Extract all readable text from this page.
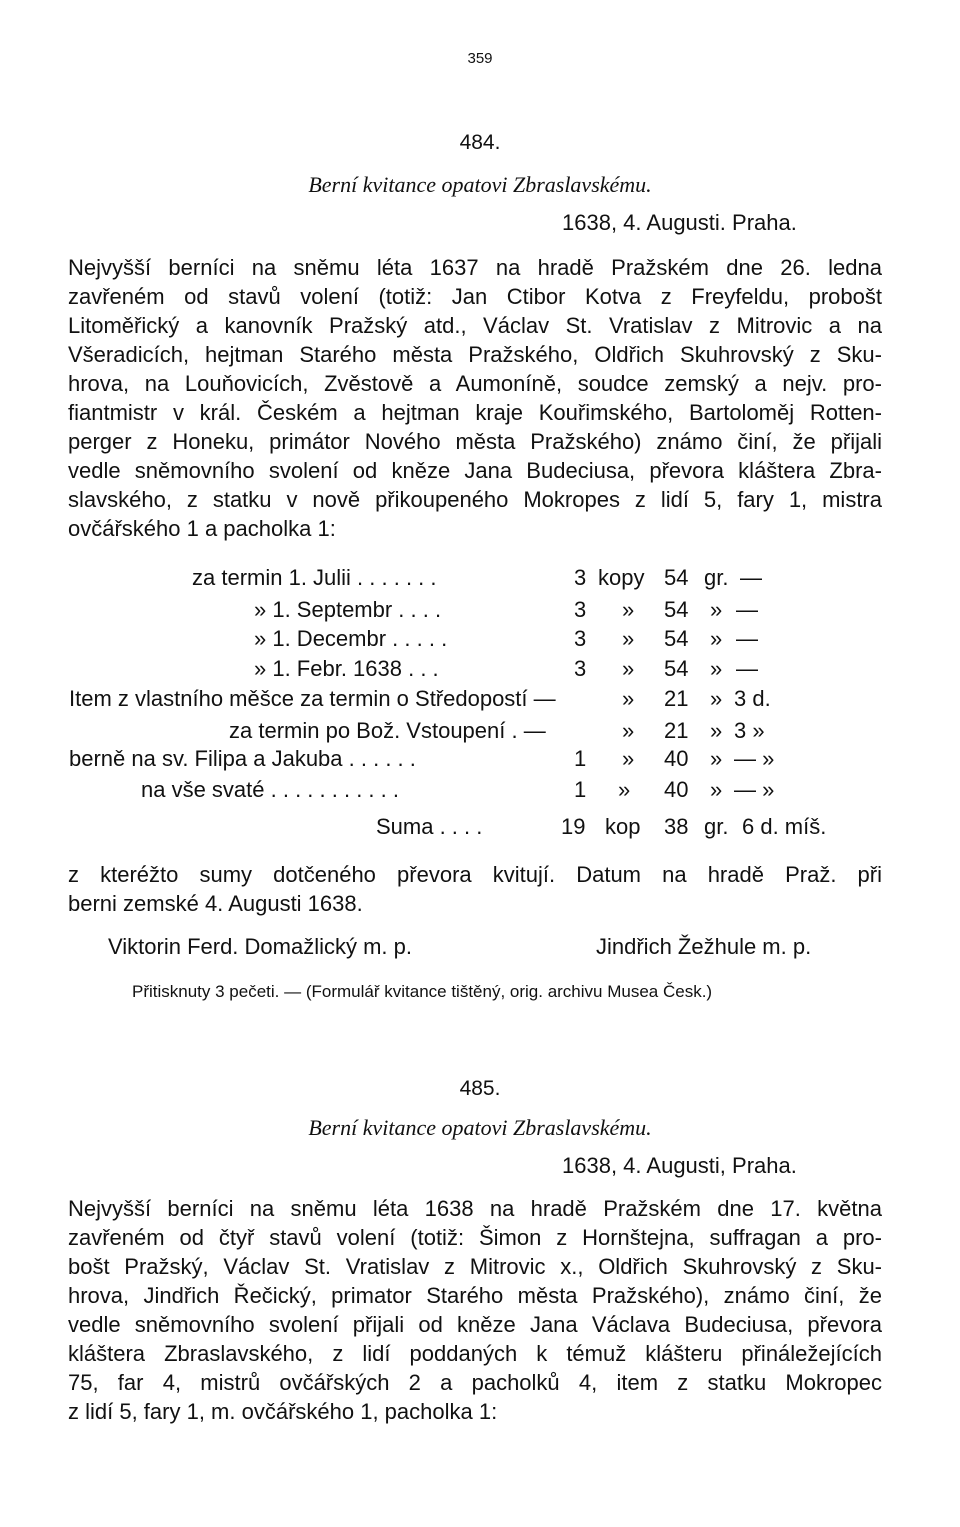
359
484.
Berní kvitance opatovi Zbraslavskému.
1638, 4. Augusti. Praha.
Nejvyšší berníci na sněmu léta 1637 na hradě Pražském dne 26. ledna
zavřeném od stavů volení (totiž: Jan Ctibor Kotva z Freyfeldu, probošt
Litoměřický a kanovník Pražský atd., Václav St. Vratislav z Mitrovic a na
Všeradicích, hejtman Starého města Pražského, Oldřich Skuhrovský z Sku-
hrova, na Louňovicích, Zvěstově a Aumoníně, soudce zemský a nejv. pro-
fiantmistr v král. Českém a hejtman kraje Kouřimského, Bartoloměj Rotten-
perger z Honeku, primátor Nového města Pražského) známo činí, že přijali
vedle sněmovního svolení od kněze Jana Budeciusa, převora kláštera Zbra-
slavského, z statku v nově přikoupeného Mokropes z lidí 5, fary 1, mistra
ovčářského 1 a pacholka 1:
za termin 1. Julii . . . . . . .	3 kopy 54 gr. —
» 1. Septembr . . . .	3 » 54 » —
» 1. Decembr . . . . .	3 » 54 » —
» 1. Febr. 1638 . . .	3 » 54 » —
Item z vlastního měšce za termin o Středopostí —	» 21 » 3 d.
za termin po Bož. Vstoupení . —	» 21 » 3 »
berně na sv. Filipa a Jakuba . . . . . .	1 » 40 » — »
na vše svaté . . . . . . . . . . .	1 » 40 » — »
Suma . . . .	19 kop 38 gr. 6 d. míš.
z kteréžto sumy dotčeného převora kvitují. Datum na hradě Praž. při
berni zemské 4. Augusti 1638.
Viktorin Ferd. Domažlický m. p.	Jindřich Žežhule m. p.
Přitisknuty 3 pečeti. — (Formulář kvitance tištěný, orig. archivu Musea Česk.)
485.
Berní kvitance opatovi Zbraslavskému.
1638, 4. Augusti, Praha.
Nejvyšší berníci na sněmu léta 1638 na hradě Pražském dne 17. května
zavřeném od čtyř stavů volení (totiž: Šimon z Hornštejna, suffragan a pro-
bošt Pražský, Václav St. Vratislav z Mitrovic x., Oldřich Skuhrovský z Sku-
hrova, Jindřich Řečický, primator Starého města Pražského), známo činí, že
vedle sněmovního svolení přijali od kněze Jana Václava Budeciusa, převora
kláštera Zbraslavského, z lidí poddaných k témuž klášteru přináležejících
75, far 4, mistrů ovčářských 2 a pacholků 4, item z statku Mokropec
z lidí 5, fary 1, m. ovčářského 1, pacholka 1:
